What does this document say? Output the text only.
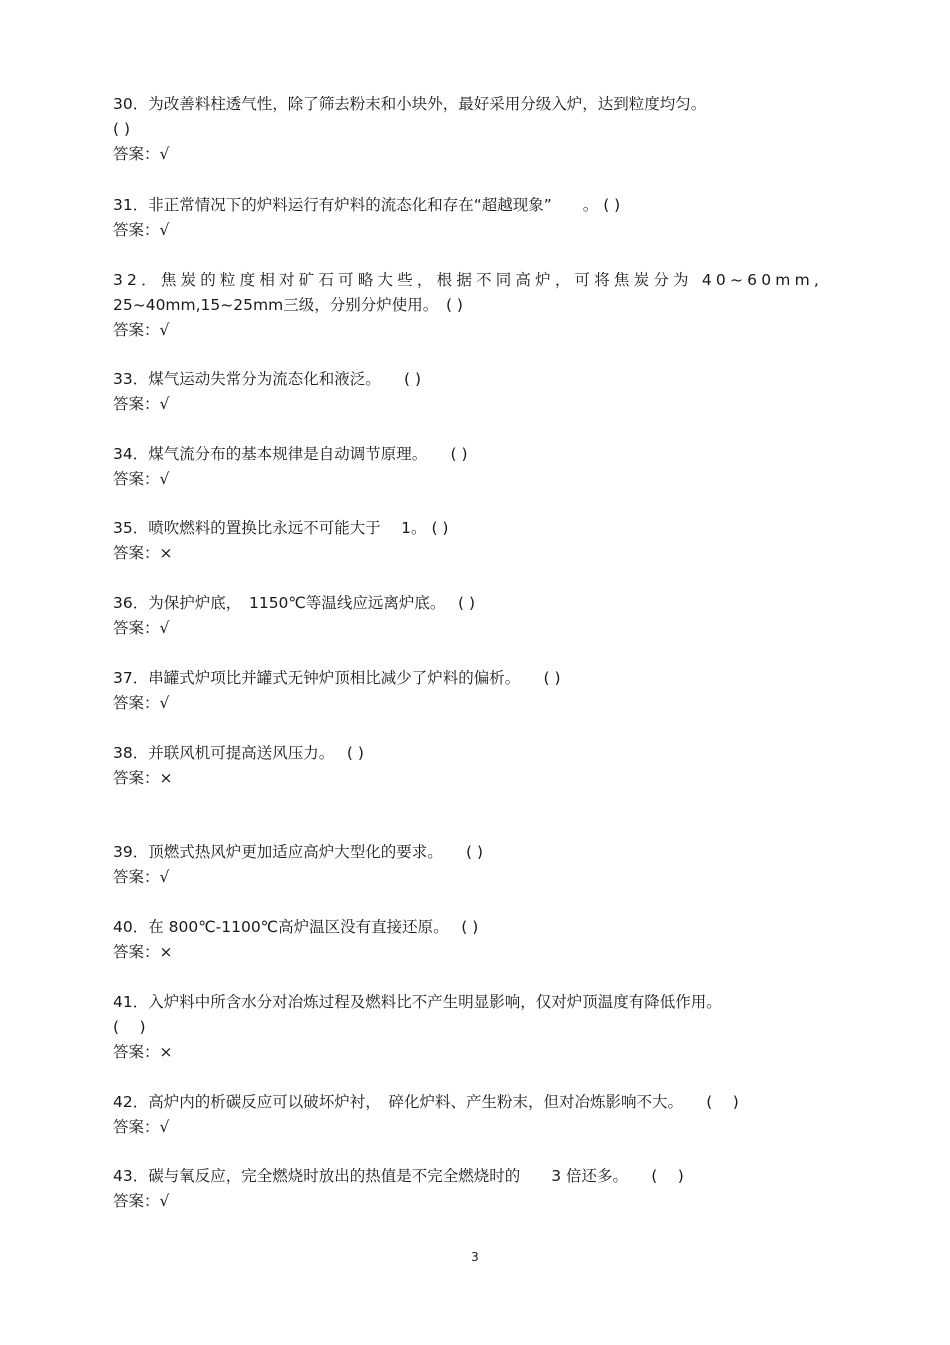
30．为改善料柱透气性，除了筛去粉末和小块外，最好采用分级入炉，达到粒度均匀。
( )
答案：√
31．非正常情况下的炉料运行有炉料的流态化和存在“超越现象”　　。 ( )
答案：√
32．焦炭的粒度相对矿石可略大些，根据不同高炉，可将焦炭分为 40~60mm,
25~40mm,15~25mm三级，分别分炉使用。　( )
答案：√
33．煤气运动失常分为流态化和液泛。　　( )
答案：√
34．煤气流分布的基本规律是自动调节原理。　　( )
答案：√
35．喷吹燃料的置换比永远不可能大于　 1。 ( )
答案：×
36．为保护炉底，　1150℃等温线应远离炉底。　 ( )
答案：√
37．串罐式炉项比并罐式无钟炉顶相比减少了炉料的偏析。　　( )
答案：√
38．并联风机可提高送风压力。　 ( )
答案：×
39．顶燃式热风炉更加适应高炉大型化的要求。　　( )
答案：√
40．在 800℃-1100℃高炉温区没有直接还原。　 ( )
答案：×
41．入炉料中所含水分对冶炼过程及燃料比不产生明显影响，仅对炉顶温度有降低作用。
(　 )
答案：×
42．高炉内的析碳反应可以破坏炉衬，　碎化炉料、产生粉末，但对冶炼影响不大。　　(　 )
答案：√
43．碳与氧反应，完全燃烧时放出的热值是不完全燃烧时的　　3 倍还多。　　(　 )
答案：√
3
